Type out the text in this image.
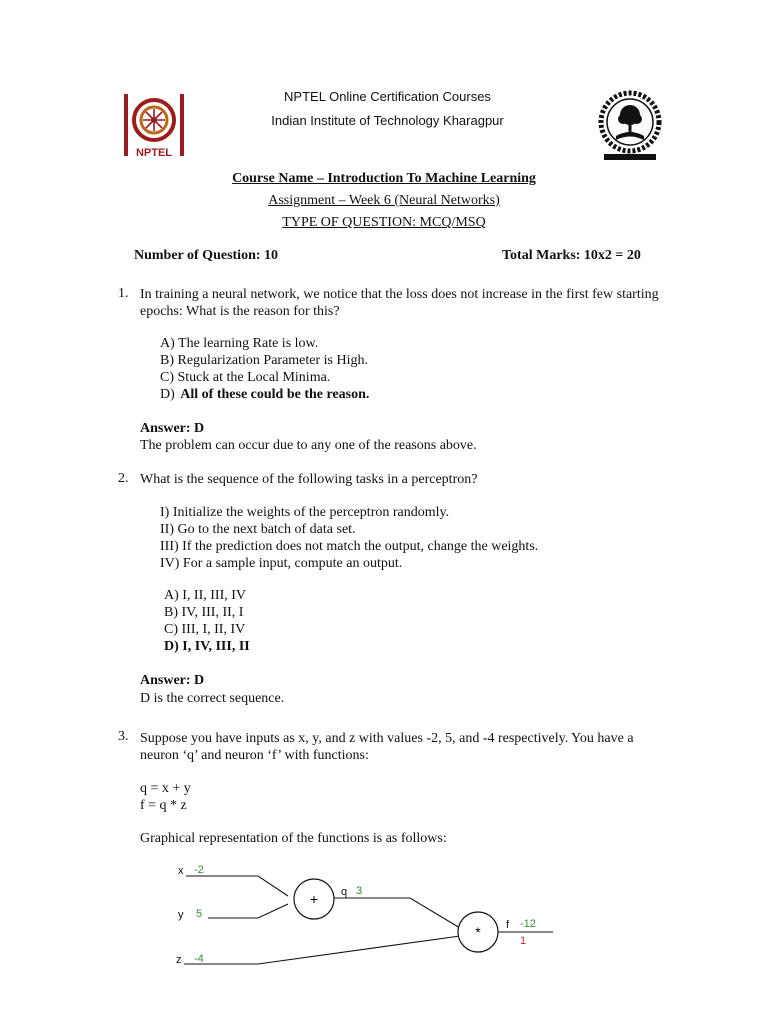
NPTEL
NPTEL Online Certification Courses
Indian Institute of Technology Kharagpur
Course Name – Introduction To Machine Learning
Assignment – Week 6 (Neural Networks)
TYPE OF QUESTION: MCQ/MSQ
Number of Question: 10	Total Marks: 10x2 = 20
1. In training a neural network, we notice that the loss does not increase in the first few starting
epochs: What is the reason for this?
A) The learning Rate is low.
B) Regularization Parameter is High.
C) Stuck at the Local Minima.
D) All of these could be the reason.
Answer: D
The problem can occur due to any one of the reasons above.
2. What is the sequence of the following tasks in a perceptron?
I) Initialize the weights of the perceptron randomly.
II) Go to the next batch of data set.
III) If the prediction does not match the output, change the weights.
IV) For a sample input, compute an output.
A) I, II, III, IV
B) IV, III, II, I
C) III, I, II, IV
D) I, IV, III, II
Answer: D
D is the correct sequence.
3. Suppose you have inputs as x, y, and z with values -2, 5, and -4 respectively. You have a
neuron ‘q’ and neuron ‘f’ with functions:
q = x + y
f = q * z
Graphical representation of the functions is as follows:
+
*
x -2
y 5
z -4
q 3
f -12
1
